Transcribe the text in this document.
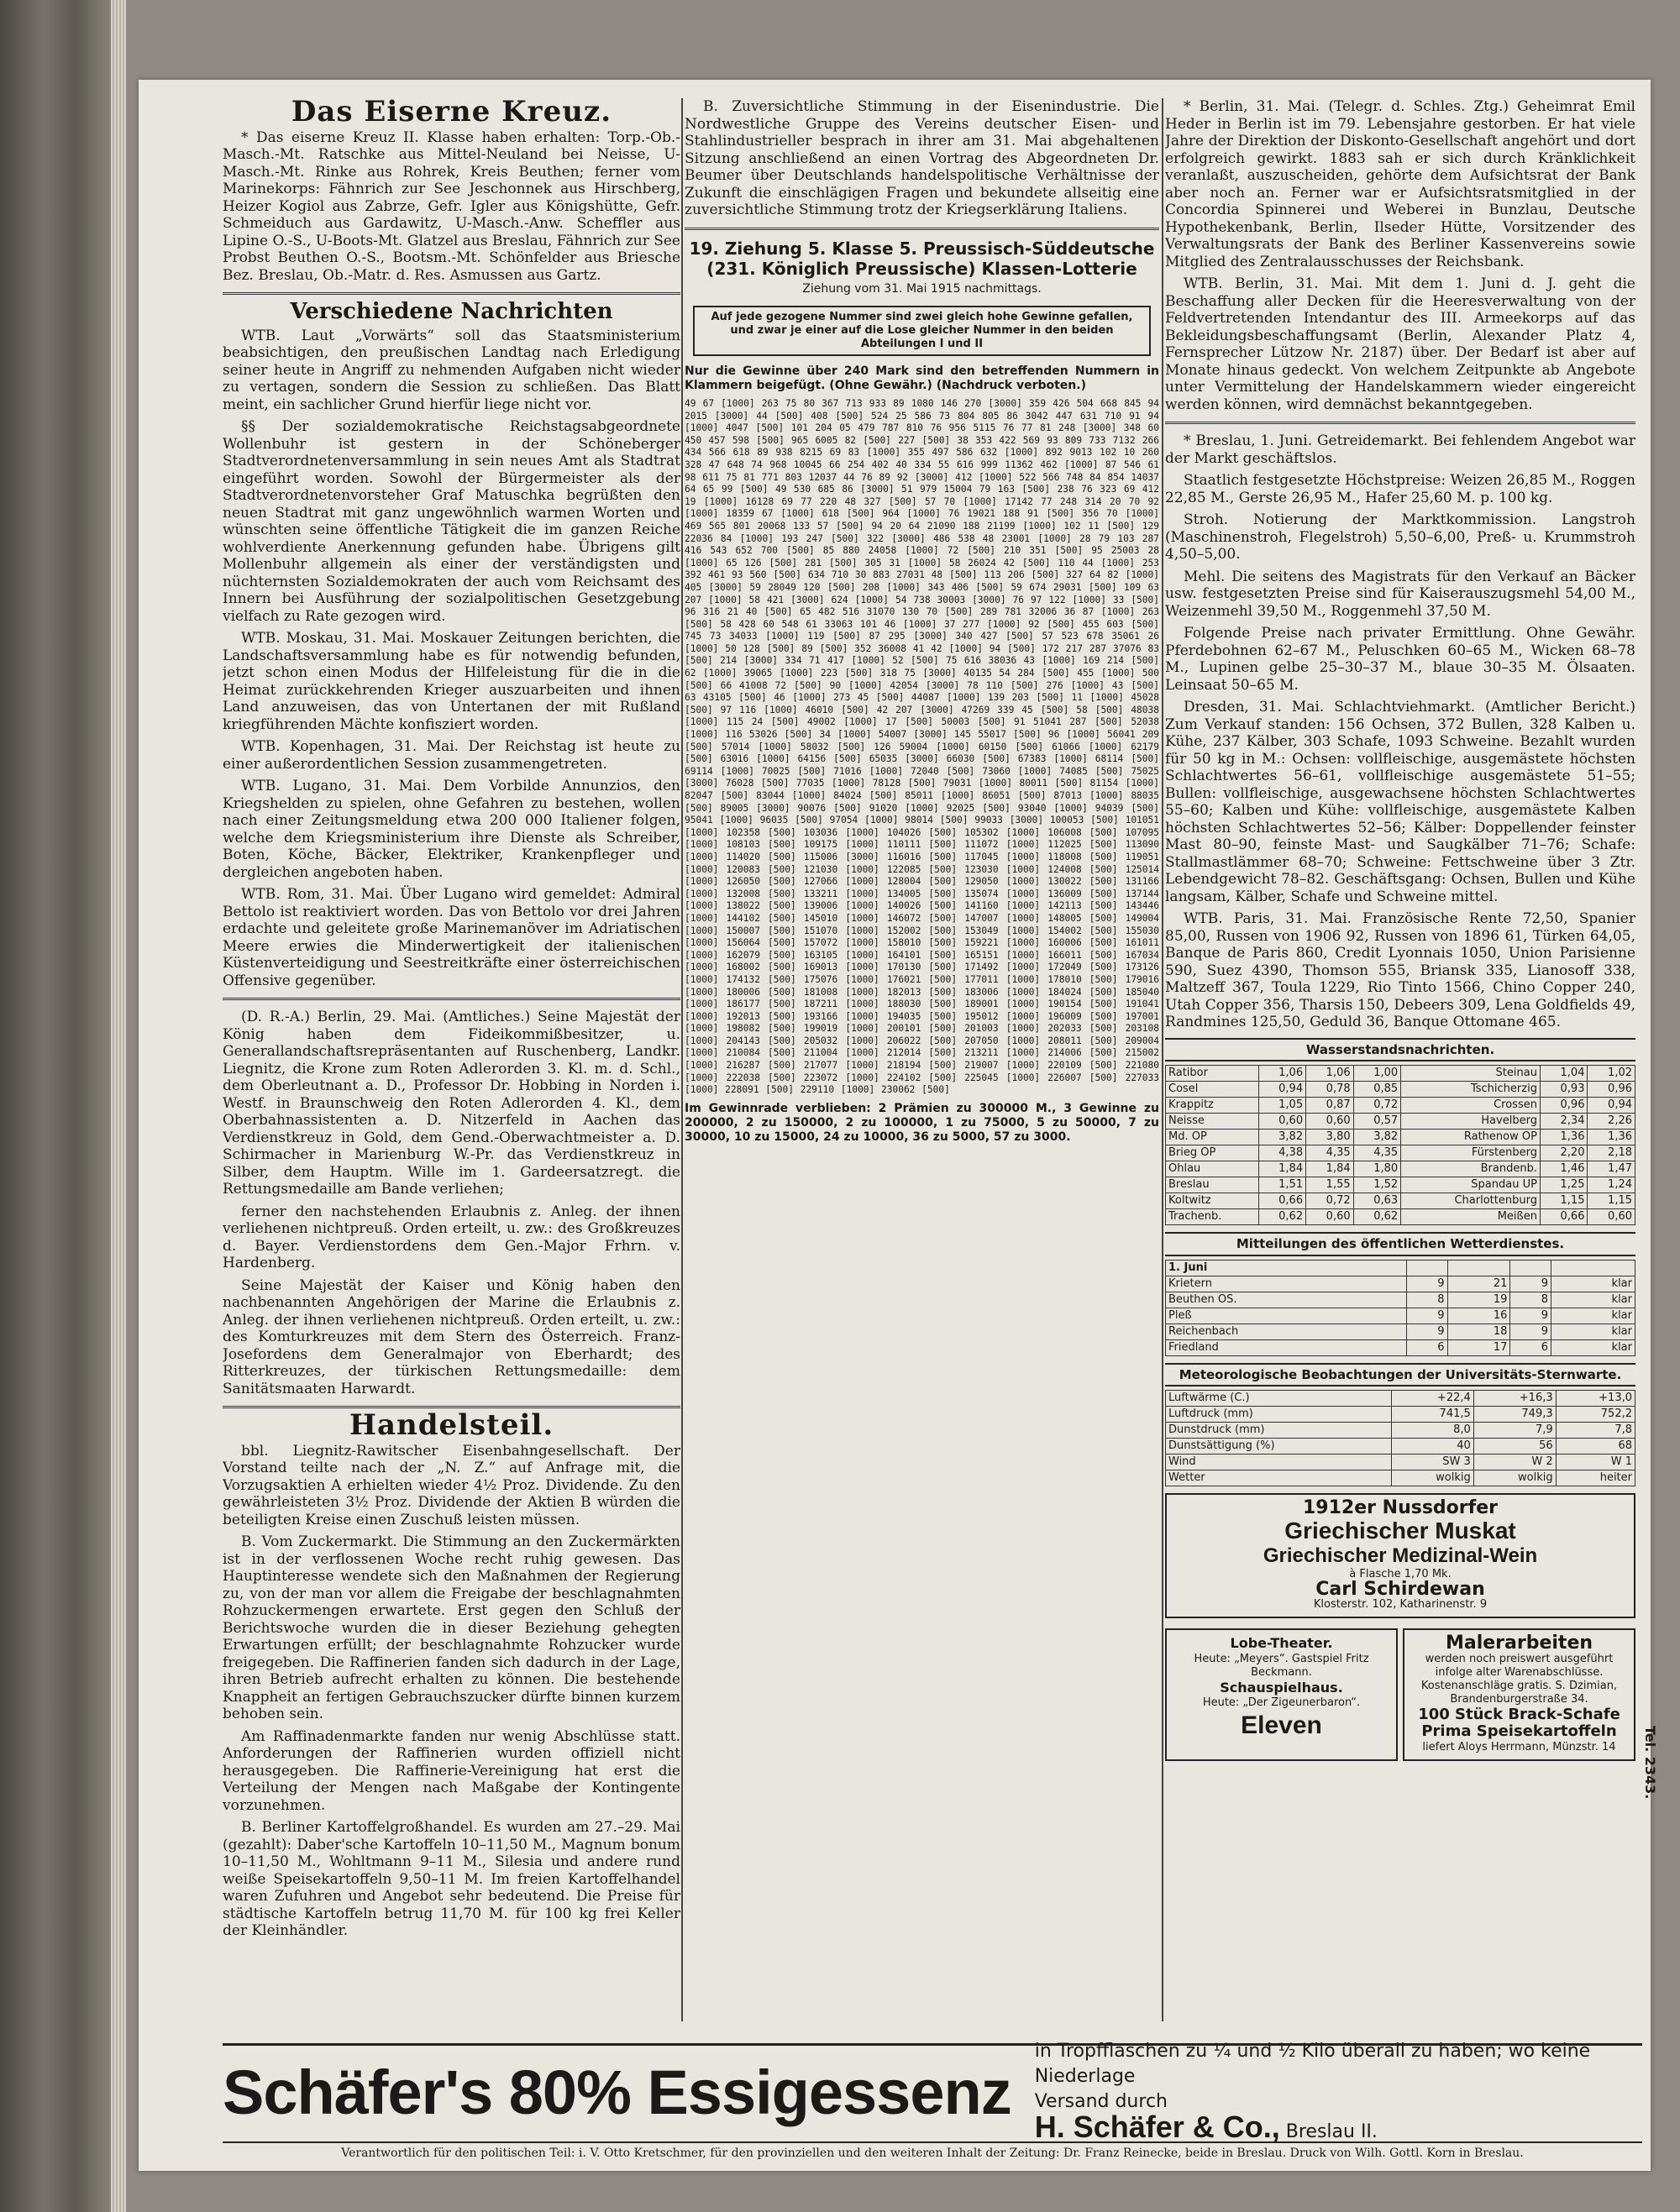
Das Eiserne Kreuz.
* Das eiserne Kreuz II. Klasse haben erhalten: Torp.-Ob.-Masch.-Mt. Ratschke aus Mittel-Neuland bei Neisse, U-Masch.-Mt. Rinke aus Rohrek, Kreis Beuthen; ferner vom Marinekorps: Fähnrich zur See Jeschonnek aus Hirschberg, Heizer Kogiol aus Zabrze, Gefr. Igler aus Königshütte, Gefr. Schmeiduch aus Gardawitz, U-Masch.-Anw. Scheffler aus Lipine O.-S., U-Boots-Mt. Glatzel aus Breslau, Fähnrich zur See Probst Beuthen O.-S., Bootsm.-Mt. Schönfelder aus Briesche Bez. Breslau, Ob.-Matr. d. Res. Asmussen aus Gartz.
Verschiedene Nachrichten
WTB. Laut „Vorwärts“ soll das Staatsministerium beabsichtigen, den preußischen Landtag nach Erledigung seiner heute in Angriff zu nehmenden Aufgaben nicht wieder zu vertagen, sondern die Session zu schließen. Das Blatt meint, ein sachlicher Grund hierfür liege nicht vor.
§§ Der sozialdemokratische Reichstagsabgeordnete Wollenbuhr ist gestern in der Schöneberger Stadtverordnetenversammlung in sein neues Amt als Stadtrat eingeführt worden. Sowohl der Bürgermeister als der Stadtverordnetenvorsteher Graf Matuschka begrüßten den neuen Stadtrat mit ganz ungewöhnlich warmen Worten und wünschten seine öffentliche Tätigkeit die im ganzen Reiche wohlverdiente Anerkennung gefunden habe. Übrigens gilt Mollenbuhr allgemein als einer der verständigsten und nüchternsten Sozialdemokraten der auch vom Reichsamt des Innern bei Ausführung der sozialpolitischen Gesetzgebung vielfach zu Rate gezogen wird.
WTB. Moskau, 31. Mai. Moskauer Zeitungen berichten, die Landschaftsversammlung habe es für notwendig befunden, jetzt schon einen Modus der Hilfeleistung für die in die Heimat zurückkehrenden Krieger auszuarbeiten und ihnen Land anzuweisen, das von Untertanen der mit Rußland kriegführenden Mächte konfisziert worden.
WTB. Kopenhagen, 31. Mai. Der Reichstag ist heute zu einer außerordentlichen Session zusammengetreten.
WTB. Lugano, 31. Mai. Dem Vorbilde Annunzios, den Kriegshelden zu spielen, ohne Gefahren zu bestehen, wollen nach einer Zeitungsmeldung etwa 200 000 Italiener folgen, welche dem Kriegsministerium ihre Dienste als Schreiber, Boten, Köche, Bäcker, Elektriker, Krankenpfleger und dergleichen angeboten haben.
WTB. Rom, 31. Mai. Über Lugano wird gemeldet: Admiral Bettolo ist reaktiviert worden. Das von Bettolo vor drei Jahren erdachte und geleitete große Marinemanöver im Adriatischen Meere erwies die Minderwertigkeit der italienischen Küstenverteidigung und Seestreitkräfte einer österreichischen Offensive gegenüber.
(D. R.-A.) Berlin, 29. Mai. (Amtliches.) Seine Majestät der König haben dem Fideikommißbesitzer, u. Generallandschaftsrepräsentanten auf Ruschenberg, Landkr. Liegnitz, die Krone zum Roten Adlerorden 3. Kl. m. d. Schl., dem Oberleutnant a. D., Professor Dr. Hobbing in Norden i. Westf. in Braunschweig den Roten Adlerorden 4. Kl., dem Oberbahnassistenten a. D. Nitzerfeld in Aachen das Verdienstkreuz in Gold, dem Gend.-Oberwachtmeister a. D. Schirmacher in Marienburg W.-Pr. das Verdienstkreuz in Silber, dem Hauptm. Wille im 1. Gardeersatzregt. die Rettungsmedaille am Bande verliehen;
ferner den nachstehenden Erlaubnis z. Anleg. der ihnen verliehenen nichtpreuß. Orden erteilt, u. zw.: des Großkreuzes d. Bayer. Verdienstordens dem Gen.-Major Frhrn. v. Hardenberg.
Seine Majestät der Kaiser und König haben den nachbenannten Angehörigen der Marine die Erlaubnis z. Anleg. der ihnen verliehenen nichtpreuß. Orden erteilt, u. zw.: des Komturkreuzes mit dem Stern des Österreich. Franz-Josefordens dem Generalmajor von Eberhardt; des Ritterkreuzes, der türkischen Rettungsmedaille: dem Sanitätsmaaten Harwardt.
Handelsteil.
bbl. Liegnitz-Rawitscher Eisenbahngesellschaft. Der Vorstand teilte nach der „N. Z.“ auf Anfrage mit, die Vorzugsaktien A erhielten wieder 4½ Proz. Dividende. Zu den gewährleisteten 3½ Proz. Dividende der Aktien B würden die beteiligten Kreise einen Zuschuß leisten müssen.
B. Vom Zuckermarkt. Die Stimmung an den Zuckermärkten ist in der verflossenen Woche recht ruhig gewesen. Das Hauptinteresse wendete sich den Maßnahmen der Regierung zu, von der man vor allem die Freigabe der beschlagnahmten Rohzuckermengen erwartete. Erst gegen den Schluß der Berichtswoche wurden die in dieser Beziehung gehegten Erwartungen erfüllt; der beschlagnahmte Rohzucker wurde freigegeben. Die Raffinerien fanden sich dadurch in der Lage, ihren Betrieb aufrecht erhalten zu können. Die bestehende Knappheit an fertigen Gebrauchszucker dürfte binnen kurzem behoben sein.
Am Raffinadenmarkte fanden nur wenig Abschlüsse statt. Anforderungen der Raffinerien wurden offiziell nicht herausgegeben. Die Raffinerie-Vereinigung hat erst die Verteilung der Mengen nach Maßgabe der Kontingente vorzunehmen.
B. Berliner Kartoffelgroßhandel. Es wurden am 27.–29. Mai (gezahlt): Daber'sche Kartoffeln 10–11,50 M., Magnum bonum 10–11,50 M., Wohltmann 9–11 M., Silesia und andere rund weiße Speisekartoffeln 9,50–11 M. Im freien Kartoffelhandel waren Zufuhren und Angebot sehr bedeutend. Die Preise für städtische Kartoffeln betrug 11,70 M. für 100 kg frei Keller der Kleinhändler.
B. Zuversichtliche Stimmung in der Eisenindustrie. Die Nordwestliche Gruppe des Vereins deutscher Eisen- und Stahlindustrieller besprach in ihrer am 31. Mai abgehaltenen Sitzung anschließend an einen Vortrag des Abgeordneten Dr. Beumer über Deutschlands handelspolitische Verhältnisse der Zukunft die einschlägigen Fragen und bekundete allseitig eine zuversichtliche Stimmung trotz der Kriegserklärung Italiens.
19. Ziehung 5. Klasse 5. Preussisch-Süddeutsche (231. Königlich Preussische) Klassen-Lotterie
Ziehung vom 31. Mai 1915 nachmittags.
Auf jede gezogene Nummer sind zwei gleich hohe Gewinne gefallen, und zwar je einer auf die Lose gleicher Nummer in den beiden Abteilungen I und II
Nur die Gewinne über 240 Mark sind den betreffenden Nummern in Klammern beigefügt. (Ohne Gewähr.) (Nachdruck verboten.)
49 67 [1000] 263 75 80 367 713 933 89 1080 146 270 [3000] 359 426 504 668 845 94 2015 [3000] 44 [500] 408 [500] 524 25 586 73 804 805 86 3042 447 631 710 91 94 [1000] 4047 [500] 101 204 05 479 787 810 76 956 5115 76 77 81 248 [3000] 348 60 450 457 598 [500] 965 6005 82 [500] 227 [500] 38 353 422 569 93 809 733 7132 266 434 566 618 89 938 8215 69 83 [1000] 355 497 586 632 [1000] 892 9013 102 10 260 328 47 648 74 968 10045 66 254 402 40 334 55 616 999 11362 462 [1000] 87 546 61 98 611 75 81 771 803 12037 44 76 89 92 [3000] 412 [1000] 522 566 748 84 854 14037 64 65 99 [500] 49 530 685 86 [3000] 51 979 15004 79 163 [500] 238 76 323 69 412 19 [1000] 16128 69 77 220 48 327 [500] 57 70 [1000] 17142 77 248 314 20 70 92 [1000] 18359 67 [1000] 618 [500] 964 [1000] 76 19021 188 91 [500] 356 70 [1000] 469 565 801 20068 133 57 [500] 94 20 64 21090 188 21199 [1000] 102 11 [500] 129 22036 84 [1000] 193 247 [500] 322 [3000] 486 538 48 23001 [1000] 28 79 103 287 416 543 652 700 [500] 85 880 24058 [1000] 72 [500] 210 351 [500] 95 25003 28 [1000] 65 126 [500] 281 [500] 305 31 [1000] 58 26024 42 [500] 110 44 [1000] 253 392 461 93 560 [500] 634 710 30 883 27031 48 [500] 113 206 [500] 327 64 82 [1000] 405 [3000] 59 28049 120 [500] 208 [1000] 343 406 [500] 59 674 29031 [500] 109 63 207 [1000] 58 421 [3000] 624 [1000] 54 738 30003 [3000] 76 97 122 [1000] 33 [500] 96 316 21 40 [500] 65 482 516 31070 130 70 [500] 289 781 32006 36 87 [1000] 263 [500] 58 428 60 548 61 33063 101 46 [1000] 37 277 [1000] 92 [500] 455 603 [500] 745 73 34033 [1000] 119 [500] 87 295 [3000] 340 427 [500] 57 523 678 35061 26 [1000] 50 128 [500] 89 [500] 352 36008 41 42 [1000] 94 [500] 172 217 287 37076 83 [500] 214 [3000] 334 71 417 [1000] 52 [500] 75 616 38036 43 [1000] 169 214 [500] 62 [1000] 39065 [1000] 223 [500] 318 75 [3000] 40135 54 284 [500] 455 [1000] 500 [500] 66 41008 72 [500] 90 [1000] 42054 [3000] 78 110 [500] 276 [1000] 43 [500] 63 43105 [500] 46 [1000] 273 45 [500] 44087 [1000] 139 203 [500] 11 [1000] 45028 [500] 97 116 [1000] 46010 [500] 42 207 [3000] 47269 339 45 [500] 58 [500] 48038 [1000] 115 24 [500] 49002 [1000] 17 [500] 50003 [500] 91 51041 287 [500] 52038 [1000] 116 53026 [500] 34 [1000] 54007 [3000] 145 55017 [500] 96 [1000] 56041 209 [500] 57014 [1000] 58032 [500] 126 59004 [1000] 60150 [500] 61066 [1000] 62179 [500] 63016 [1000] 64156 [500] 65035 [3000] 66030 [500] 67383 [1000] 68114 [500] 69114 [1000] 70025 [500] 71016 [1000] 72040 [500] 73060 [1000] 74085 [500] 75025 [3000] 76028 [500] 77035 [1000] 78128 [500] 79031 [1000] 80011 [500] 81154 [1000] 82047 [500] 83044 [1000] 84024 [500] 85011 [1000] 86051 [500] 87013 [1000] 88035 [500] 89005 [3000] 90076 [500] 91020 [1000] 92025 [500] 93040 [1000] 94039 [500] 95041 [1000] 96035 [500] 97054 [1000] 98014 [500] 99033 [3000] 100053 [500] 101051 [1000] 102358 [500] 103036 [1000] 104026 [500] 105302 [1000] 106008 [500] 107095 [1000] 108103 [500] 109175 [1000] 110111 [500] 111072 [1000] 112025 [500] 113090 [1000] 114020 [500] 115006 [3000] 116016 [500] 117045 [1000] 118008 [500] 119051 [1000] 120083 [500] 121030 [1000] 122085 [500] 123030 [1000] 124008 [500] 125014 [1000] 126050 [500] 127066 [1000] 128004 [500] 129050 [1000] 130022 [500] 131166 [1000] 132008 [500] 133211 [1000] 134005 [500] 135074 [1000] 136009 [500] 137144 [1000] 138022 [500] 139006 [1000] 140026 [500] 141160 [1000] 142113 [500] 143446 [1000] 144102 [500] 145010 [1000] 146072 [500] 147007 [1000] 148005 [500] 149004 [1000] 150007 [500] 151070 [1000] 152002 [500] 153049 [1000] 154002 [500] 155030 [1000] 156064 [500] 157072 [1000] 158010 [500] 159221 [1000] 160006 [500] 161011 [1000] 162079 [500] 163105 [1000] 164101 [500] 165151 [1000] 166011 [500] 167034 [1000] 168002 [500] 169013 [1000] 170130 [500] 171492 [1000] 172049 [500] 173126 [1000] 174132 [500] 175076 [1000] 176021 [500] 177011 [1000] 178010 [500] 179016 [1000] 180006 [500] 181008 [1000] 182013 [500] 183006 [1000] 184024 [500] 185040 [1000] 186177 [500] 187211 [1000] 188030 [500] 189001 [1000] 190154 [500] 191041 [1000] 192013 [500] 193166 [1000] 194035 [500] 195012 [1000] 196009 [500] 197001 [1000] 198082 [500] 199019 [1000] 200101 [500] 201003 [1000] 202033 [500] 203108 [1000] 204143 [500] 205032 [1000] 206022 [500] 207050 [1000] 208011 [500] 209004 [1000] 210084 [500] 211004 [1000] 212014 [500] 213211 [1000] 214006 [500] 215002 [1000] 216287 [500] 217077 [1000] 218194 [500] 219007 [1000] 220109 [500] 221080 [1000] 222038 [500] 223072 [1000] 224102 [500] 225045 [1000] 226007 [500] 227033 [1000] 228091 [500] 229110 [1000] 230062 [500]
Im Gewinnrade verblieben: 2 Prämien zu 300000 M., 3 Gewinne zu 200000, 2 zu 150000, 2 zu 100000, 1 zu 75000, 5 zu 50000, 7 zu 30000, 10 zu 15000, 24 zu 10000, 36 zu 5000, 57 zu 3000.
* Berlin, 31. Mai. (Telegr. d. Schles. Ztg.) Geheimrat Emil Heder in Berlin ist im 79. Lebensjahre gestorben. Er hat viele Jahre der Direktion der Diskonto-Gesellschaft angehört und dort erfolgreich gewirkt. 1883 sah er sich durch Kränklichkeit veranlaßt, auszuscheiden, gehörte dem Aufsichtsrat der Bank aber noch an. Ferner war er Aufsichtsratsmitglied in der Concordia Spinnerei und Weberei in Bunzlau, Deutsche Hypothekenbank, Berlin, Ilseder Hütte, Vorsitzender des Verwaltungsrats der Bank des Berliner Kassenvereins sowie Mitglied des Zentralausschusses der Reichsbank.
WTB. Berlin, 31. Mai. Mit dem 1. Juni d. J. geht die Beschaffung aller Decken für die Heeresverwaltung von der Feldvertretenden Intendantur des III. Armeekorps auf das Bekleidungsbeschaffungsamt (Berlin, Alexander Platz 4, Fernsprecher Lützow Nr. 2187) über. Der Bedarf ist aber auf Monate hinaus gedeckt. Von welchem Zeitpunkte ab Angebote unter Vermittelung der Handelskammern wieder eingereicht werden können, wird demnächst bekanntgegeben.
* Breslau, 1. Juni. Getreidemarkt. Bei fehlendem Angebot war der Markt geschäftslos.
Staatlich festgesetzte Höchstpreise: Weizen 26,85 M., Roggen 22,85 M., Gerste 26,95 M., Hafer 25,60 M. p. 100 kg.
Stroh. Notierung der Marktkommission. Langstroh (Maschinenstroh, Flegelstroh) 5,50–6,00, Preß- u. Krummstroh 4,50–5,00.
Mehl. Die seitens des Magistrats für den Verkauf an Bäcker usw. festgesetzten Preise sind für Kaiserauszugsmehl 54,00 M., Weizenmehl 39,50 M., Roggenmehl 37,50 M.
Folgende Preise nach privater Ermittlung. Ohne Gewähr. Pferdebohnen 62–67 M., Peluschken 60–65 M., Wicken 68–78 M., Lupinen gelbe 25–30–37 M., blaue 30–35 M. Ölsaaten. Leinsaat 50–65 M.
Dresden, 31. Mai. Schlachtviehmarkt. (Amtlicher Bericht.) Zum Verkauf standen: 156 Ochsen, 372 Bullen, 328 Kalben u. Kühe, 237 Kälber, 303 Schafe, 1093 Schweine. Bezahlt wurden für 50 kg in M.: Ochsen: vollfleischige, ausgemästete höchsten Schlachtwertes 56–61, vollfleischige ausgemästete 51–55; Bullen: vollfleischige, ausgewachsene höchsten Schlachtwertes 55–60; Kalben und Kühe: vollfleischige, ausgemästete Kalben höchsten Schlachtwertes 52–56; Kälber: Doppellender feinster Mast 80–90, feinste Mast- und Saugkälber 71–76; Schafe: Stallmastlämmer 68–70; Schweine: Fettschweine über 3 Ztr. Lebendgewicht 78–82. Geschäftsgang: Ochsen, Bullen und Kühe langsam, Kälber, Schafe und Schweine mittel.
WTB. Paris, 31. Mai. Französische Rente 72,50, Spanier 85,00, Russen von 1906 92, Russen von 1896 61, Türken 64,05, Banque de Paris 860, Credit Lyonnais 1050, Union Parisienne 590, Suez 4390, Thomson 555, Briansk 335, Lianosoff 338, Maltzeff 367, Toula 1229, Rio Tinto 1566, Chino Copper 240, Utah Copper 356, Tharsis 150, Debeers 309, Lena Goldfields 49, Randmines 125,50, Geduld 36, Banque Ottomane 465.
Wasserstandsnachrichten.
Ratibor	1,06	1,06	1,00	Steinau	1,04	1,02
Cosel	0,94	0,78	0,85	Tschicherzig	0,93	0,96
Krappitz	1,05	0,87	0,72	Crossen	0,96	0,94
Neisse	0,60	0,60	0,57	Havelberg	2,34	2,26
Md. OP	3,82	3,80	3,82	Rathenow OP	1,36	1,36
Brieg OP	4,38	4,35	4,35	Fürstenberg	2,20	2,18
Ohlau	1,84	1,84	1,80	Brandenb.	1,46	1,47
Breslau	1,51	1,55	1,52	Spandau UP	1,25	1,24
Koltwitz	0,66	0,72	0,63	Charlottenburg	1,15	1,15
Trachenb.	0,62	0,60	0,62	Meißen	0,66	0,60
Mitteilungen des öffentlichen Wetterdienstes.
1. Juni				
Krietern	9	21	9	klar
Beuthen OS.	8	19	8	klar
Pleß	9	16	9	klar
Reichenbach	9	18	9	klar
Friedland	6	17	6	klar
Meteorologische Beobachtungen der Universitäts-Sternwarte.
Luftwärme (C.)	+22,4	+16,3	+13,0
Luftdruck (mm)	741,5	749,3	752,2
Dunstdruck (mm)	8,0	7,9	7,8
Dunstsättigung (%)	40	56	68
Wind	SW 3	W 2	W 1
Wetter	wolkig	wolkig	heiter
1912er Nussdorfer
Griechischer Muskat
Griechischer Medizinal-Wein
à Flasche 1,70 Mk.
Carl Schirdewan
Klosterstr. 102, Katharinenstr. 9
Lobe-Theater.
Heute: „Meyers“. Gastspiel Fritz Beckmann.
Schauspielhaus.
Heute: „Der Zigeunerbaron“.
Eleven
Malerarbeiten
werden noch preiswert ausgeführt infolge alter Warenabschlüsse. Kostenanschläge gratis. S. Dzimian, Brandenburgerstraße 34.
100 Stück Brack-Schafe
Prima Speisekartoffeln
liefert Aloys Herrmann, Münzstr. 14	Tel. 2343.
Schäfer's 80% Essigessenz
in Tropfflaschen zu ¼ und ½ Kilo überall zu haben; wo keine Niederlage
Versand durch
H. Schäfer & Co., Breslau II.
Verantwortlich für den politischen Teil: i. V. Otto Kretschmer, für den provinziellen und den weiteren Inhalt der Zeitung: Dr. Franz Reinecke, beide in Breslau. Druck von Wilh. Gottl. Korn in Breslau.
